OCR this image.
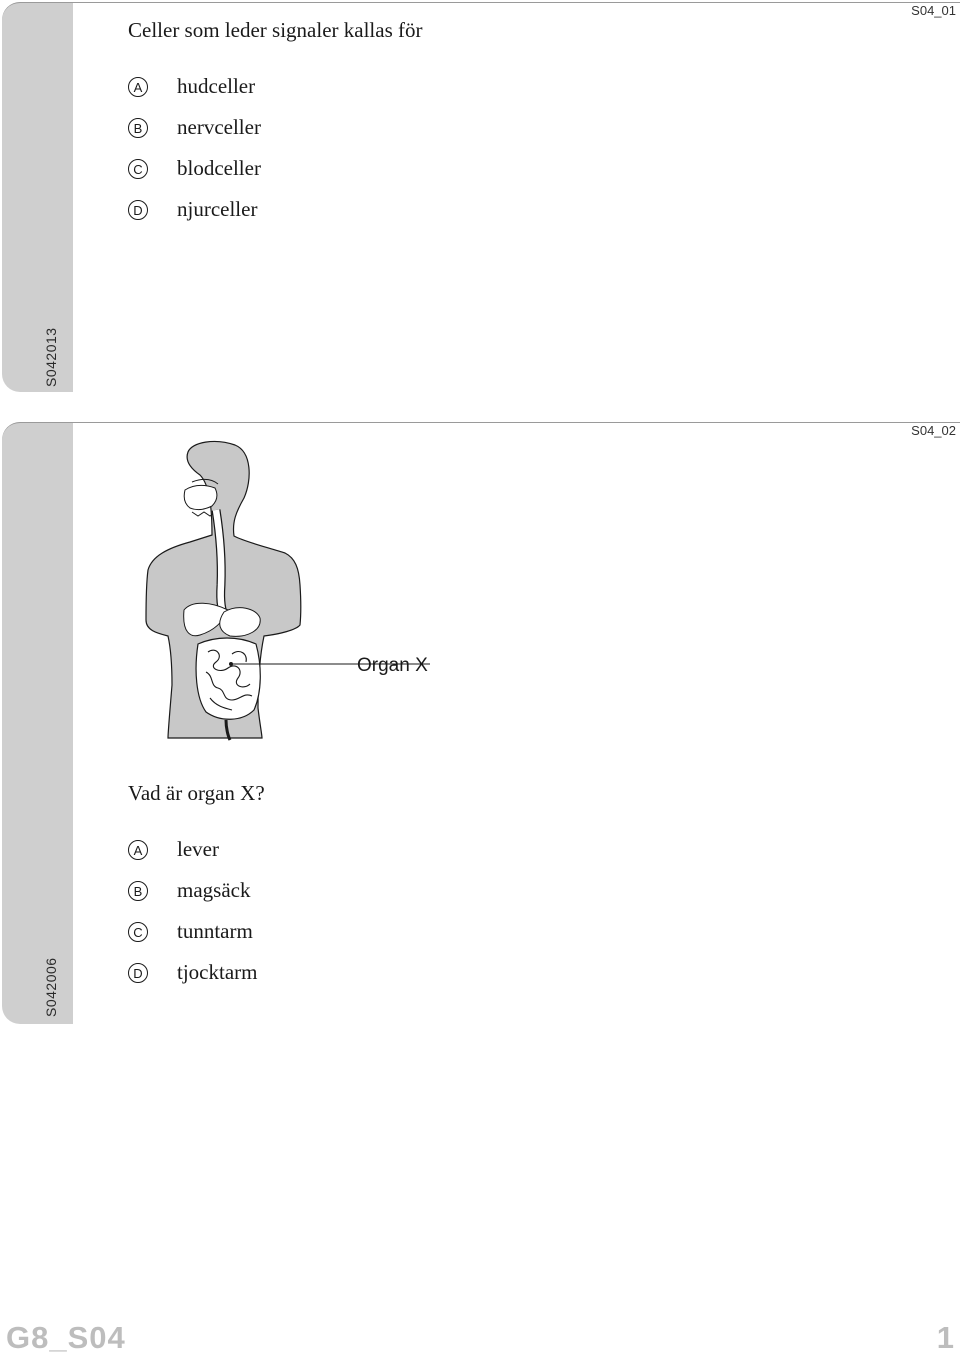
S04_01
S042013
Celler som leder signaler kallas för
A hudceller
B nervceller
C blodceller
D njurceller
S04_02
S042006
Organ X
Vad är organ X?
A lever
B magsäck
C tunntarm
D tjocktarm
G8_S04	1
